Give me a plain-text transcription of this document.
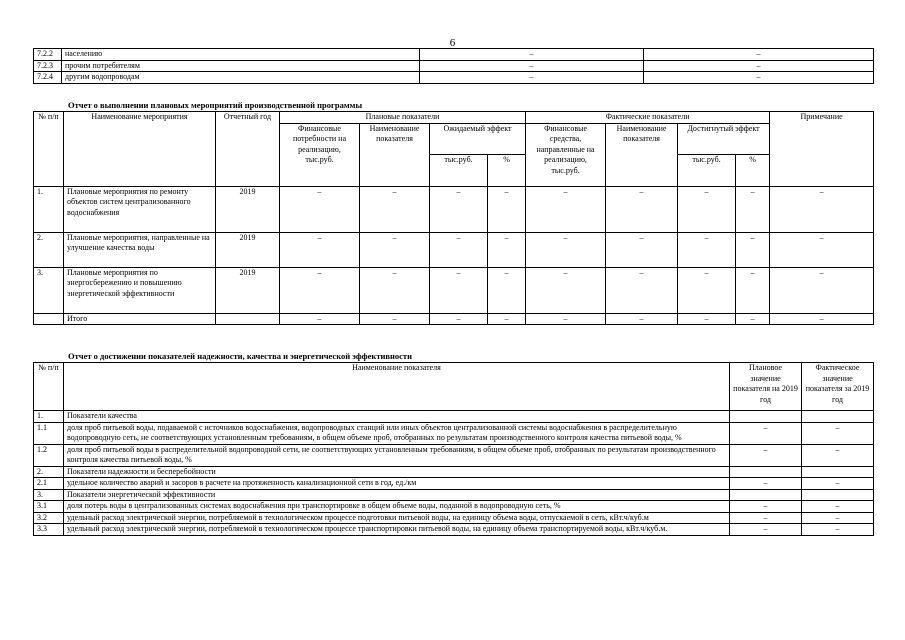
6
7.2.2	населению	–	–
7.2.3	прочим потребителям	–	–
7.2.4	другим водопроводам	–	–
Отчет о выполнении плановых мероприятий производственной программы
№ п/п	Наименование мероприятия	Отчетный год	Плановые показатели				Фактические показатели				Примечание
			Финансовые потребности на реализацию, тыс.руб.	Наименование показателя	Ожидаемый эффект		Финансовые средства, направленные на реализацию, тыс.руб.	Наименование показателя	Достигнутый эффект		
					тыс.руб.	%			тыс.руб.	%	
1.	Плановые мероприятия по ремонту объектов систем централизованного водоснабжения	2019	–	–	–	–	–	–	–	–	–
2.	Плановые мероприятия, направленные на улучшение качества воды	2019	–	–	–	–	–	–	–	–	–
3.	Плановые мероприятия по энергосбережению и повышению энергетической эффективности	2019	–	–	–	–	–	–	–	–	–
	Итого		–	–	–	–	–	–	–	–	–
Отчет о достижении показателей надежности, качества и энергетической эффективности
№ п/п	Наименование показателя	Плановое значение показателя на 2019 год	Фактическое значение показателя за 2019 год
1.	Показатели качества		
1.1	доля проб питьевой воды, подаваемой с источников водоснабжения, водопроводных станций или иных объектов централизованной системы водоснабжения в распределительную водопроводную сеть, не соответствующих установленным требованиям, в общем объеме проб, отобранных по результатам производственного контроля качества питьевой воды, %	–	–
1.2	доля проб питьевой воды в распределительной водопроводной сети, не соответствующих установленным требованиям, в общем объеме проб, отобранных по результатам производственного контроля качества питьевой воды, %	–	–
2.	Показатели надежности и бесперебойности		
2.1	удельное количество аварий и засоров в расчете на протяженность канализационной сети в год, ед./км	–	–
3.	Показатели энергетической эффективности		
3.1	доля потерь воды в централизованных системах водоснабжения при транспортировке в общем объеме воды, поданной в водопроводную сеть, %	–	–
3.2	удельный расход электрической энергии, потребляемой в технологическом процессе подготовки питьевой воды, на единицу объема воды, отпускаемой в сеть, кВт.ч/куб.м	–	–
3.3	удельный расход электрической энергии, потребляемой в технологическом процессе транспортировки питьевой воды, на единицу объема транспортируемой воды, кВт.ч/куб.м.	–	–
